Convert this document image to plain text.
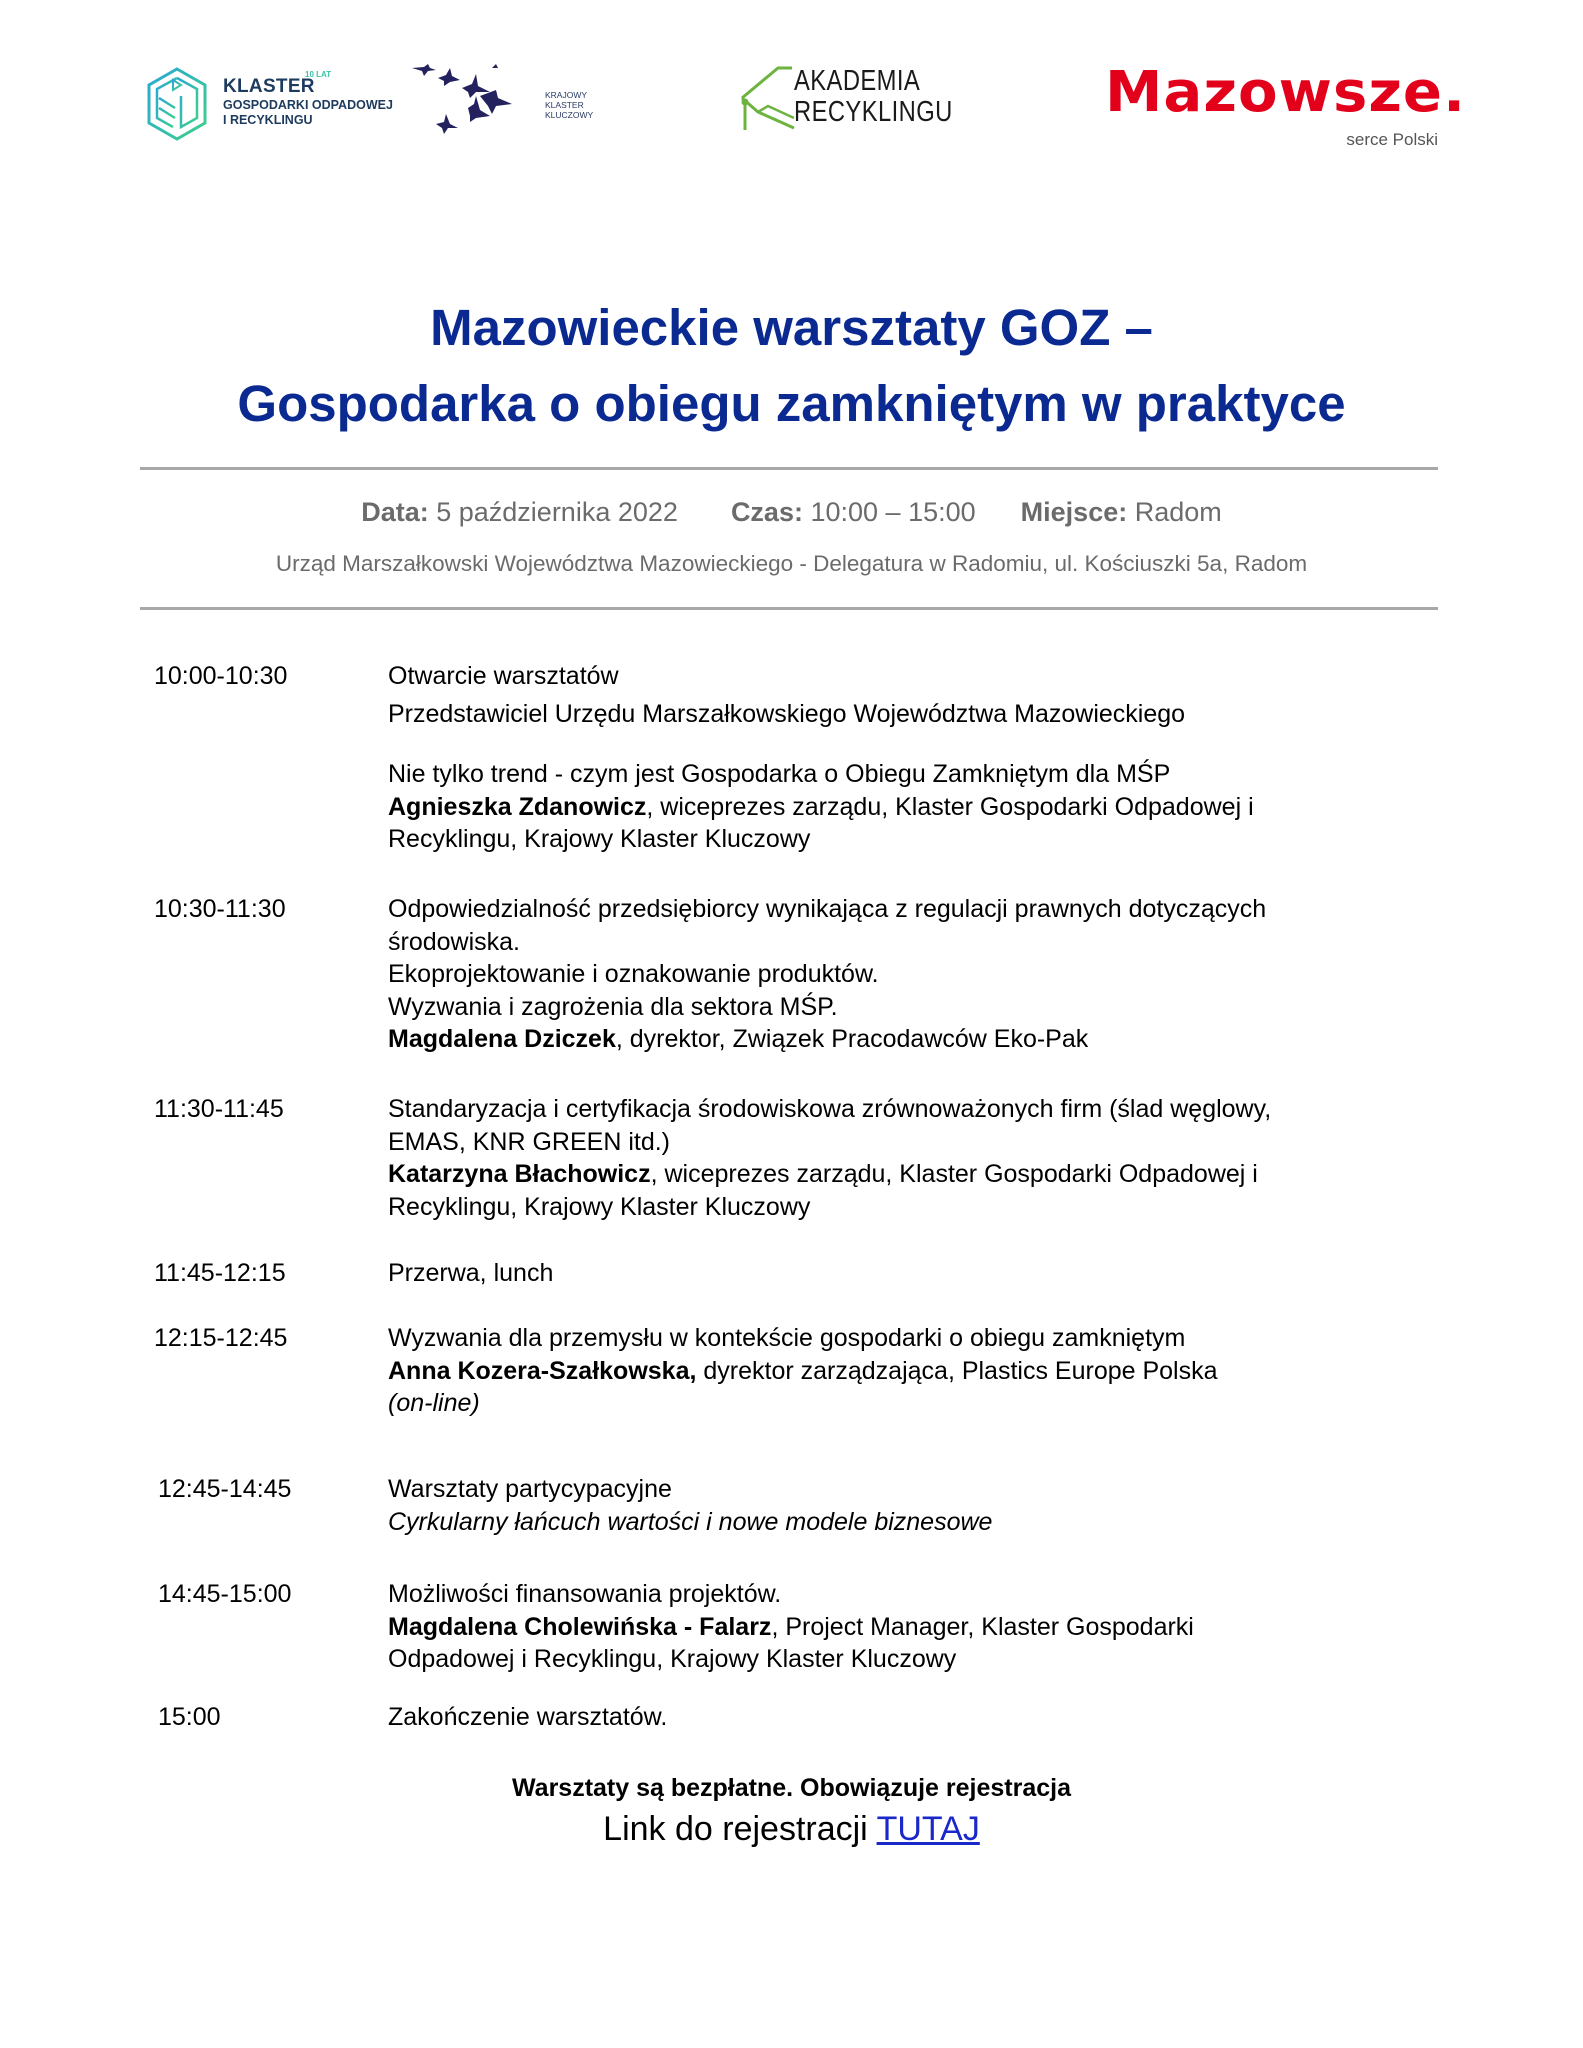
KLASTER
10 LAT
GOSPODARKI ODPADOWEJ
I RECYKLINGU
KRAJOWY
KLASTER
KLUCZOWY
AKADEMIA
RECYKLINGU	Mazowsze.
serce Polski
Mazowieckie warsztaty GOZ –
Gospodarka o obiegu zamkniętym w praktyce
Data: 5 października 2022 Czas: 10:00 – 15:00 Miejsce: Radom
Urząd Marszałkowski Województwa Mazowieckiego - Delegatura w Radomiu, ul. Kościuszki 5a, Radom
10:00-10:30	Otwarcie warsztatów

Przedstawiciel Urzędu Marszałkowskiego Województwa Mazowieckiego

Nie tylko trend - czym jest Gospodarka o Obiegu Zamkniętym dla MŚP

Agnieszka Zdanowicz, wiceprezes zarządu, Klaster Gospodarki Odpadowej i Recyklingu, Krajowy Klaster Kluczowy

10:30-11:30	Odpowiedzialność przedsiębiorcy wynikająca z regulacji prawnych dotyczących środowiska.

Ekoprojektowanie i oznakowanie produktów.

Wyzwania i zagrożenia dla sektora MŚP.

Magdalena Dziczek, dyrektor, Związek Pracodawców Eko-Pak

11:30-11:45	Standaryzacja i certyfikacja środowiskowa zrównoważonych firm (ślad węglowy, EMAS, KNR GREEN itd.)

Katarzyna Błachowicz, wiceprezes zarządu, Klaster Gospodarki Odpadowej i Recyklingu, Krajowy Klaster Kluczowy

11:45-12:15	Przerwa, lunch

12:15-12:45	Wyzwania dla przemysłu w kontekście gospodarki o obiegu zamkniętym

Anna Kozera-Szałkowska, dyrektor zarządzająca, Plastics Europe Polska

(on-line)

12:45-14:45	Warsztaty partycypacyjne

Cyrkularny łańcuch wartości i nowe modele biznesowe

14:45-15:00	Możliwości finansowania projektów.

Magdalena Cholewińska - Falarz, Project Manager, Klaster Gospodarki Odpadowej i Recyklingu, Krajowy Klaster Kluczowy

15:00	Zakończenie warsztatów.

Warsztaty są bezpłatne. Obowiązuje rejestracja
Link do rejestracji TUTAJ
